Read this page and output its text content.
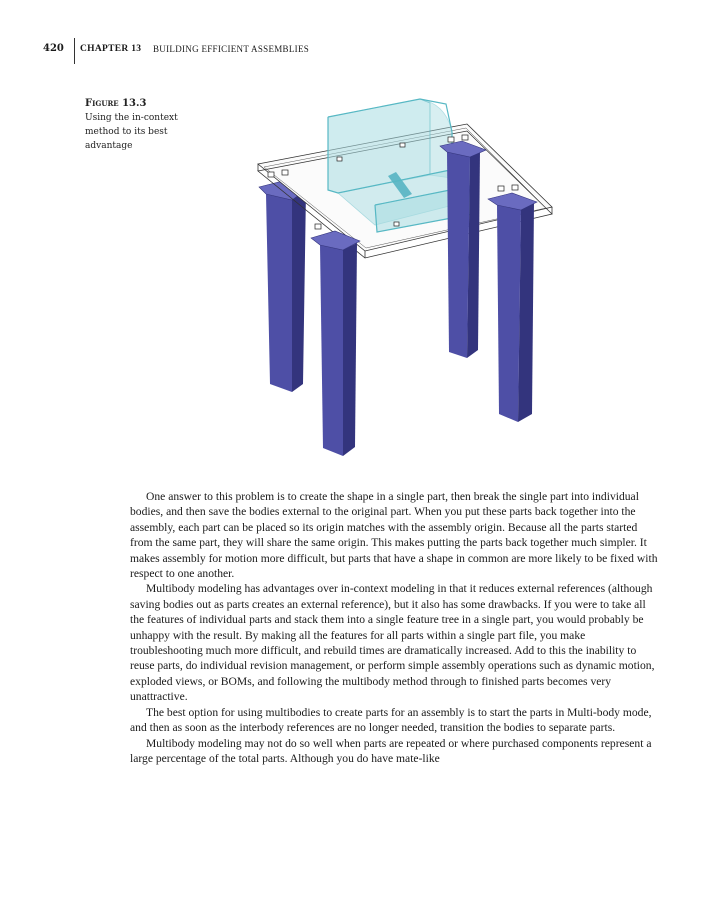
420 CHAPTER 13 BUILDING EFFICIENT ASSEMBLIES
Figure 13.3
Using the in-context method to its best advantage

One answer to this problem is to create the shape in a single part, then break the single part into individual bodies, and then save the bodies external to the original part. When you put these parts back together into the assembly, each part can be placed so its origin matches with the assembly origin. Because all the parts started from the same part, they will share the same origin. This makes putting the parts back together much simpler. It makes assembly for motion more difficult, but parts that have a shape in common are more likely to be fixed with respect to one another.

Multibody modeling has advantages over in-context modeling in that it reduces external references (although saving bodies out as parts creates an external reference), but it also has some drawbacks. If you were to take all the features of individual parts and stack them into a single feature tree in a single part, you would probably be unhappy with the result. By making all the features for all parts within a single part file, you make troubleshooting much more difficult, and rebuild times are dramatically increased. Add to this the inability to reuse parts, do individual revision management, or perform simple assembly operations such as dynamic motion, exploded views, or BOMs, and following the multibody method through to finished parts becomes very unattractive.

The best option for using multibodies to create parts for an assembly is to start the parts in Multi-body mode, and then as soon as the interbody references are no longer needed, transition the bodies to separate parts.

Multibody modeling may not do so well when parts are repeated or where purchased components represent a large percentage of the total parts. Although you do have mate-like
